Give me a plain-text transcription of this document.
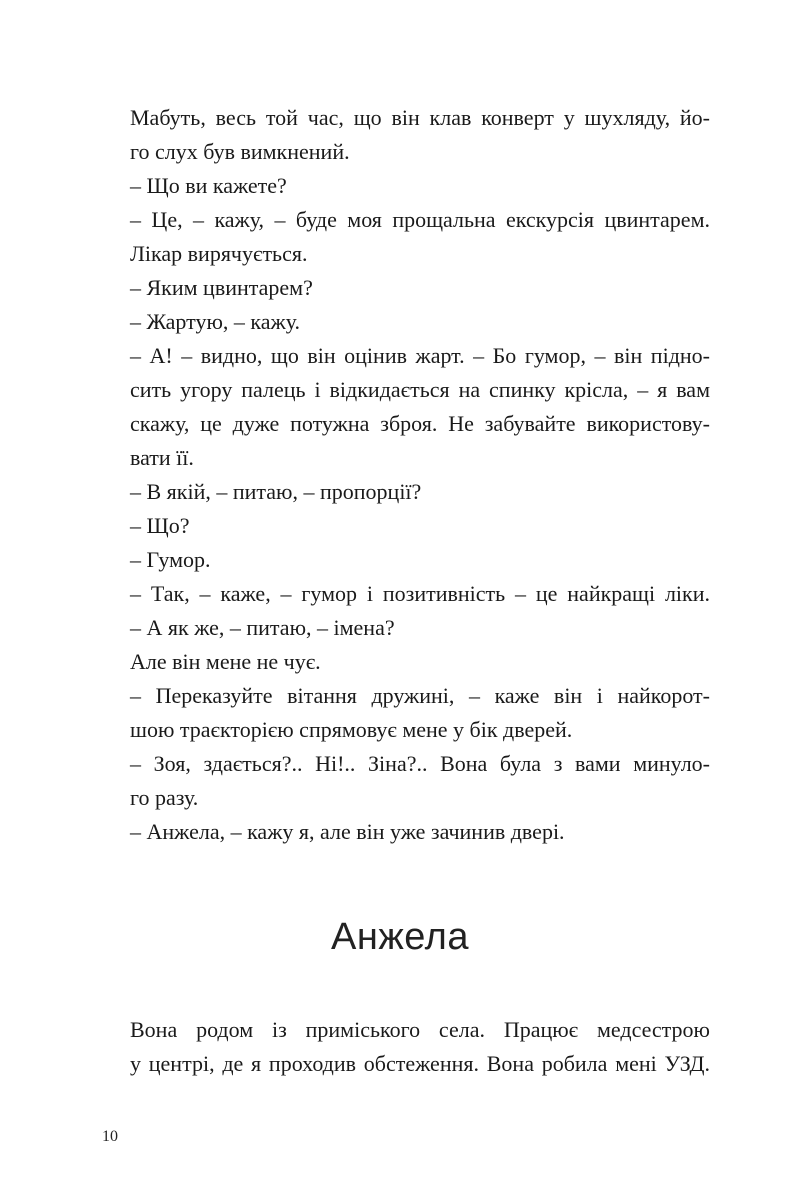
Мабуть, весь той час, що він клав конверт у шухляду, йо-
го слух був вимкнений.
– Що ви кажете?
– Це, – кажу, – буде моя прощальна екскурсія цвинтарем.
Лікар вирячується.
– Яким цвинтарем?
– Жартую, – кажу.
– А! – видно, що він оцінив жарт. – Бо гумор, – він підно-
сить угору палець і відкидається на спинку крісла, – я вам
скажу, це дуже потужна зброя. Не забувайте використову-
вати її.
– В якій, – питаю, – пропорції?
– Що?
– Гумор.
– Так, – каже, – гумор і позитивність – це найкращі ліки.
– А як же, – питаю, – імена?
Але він мене не чує.
– Переказуйте вітання дружині, – каже він і найкорот-
шою траєкторією спрямовує мене у бік дверей.
– Зоя, здається?.. Ні!.. Зіна?.. Вона була з вами минуло-
го разу.
– Анжела, – кажу я, але він уже зачинив двері.
Анжела
Вона родом із приміського села. Працює медсестрою
у центрі, де я проходив обстеження. Вона робила мені УЗД.
10
